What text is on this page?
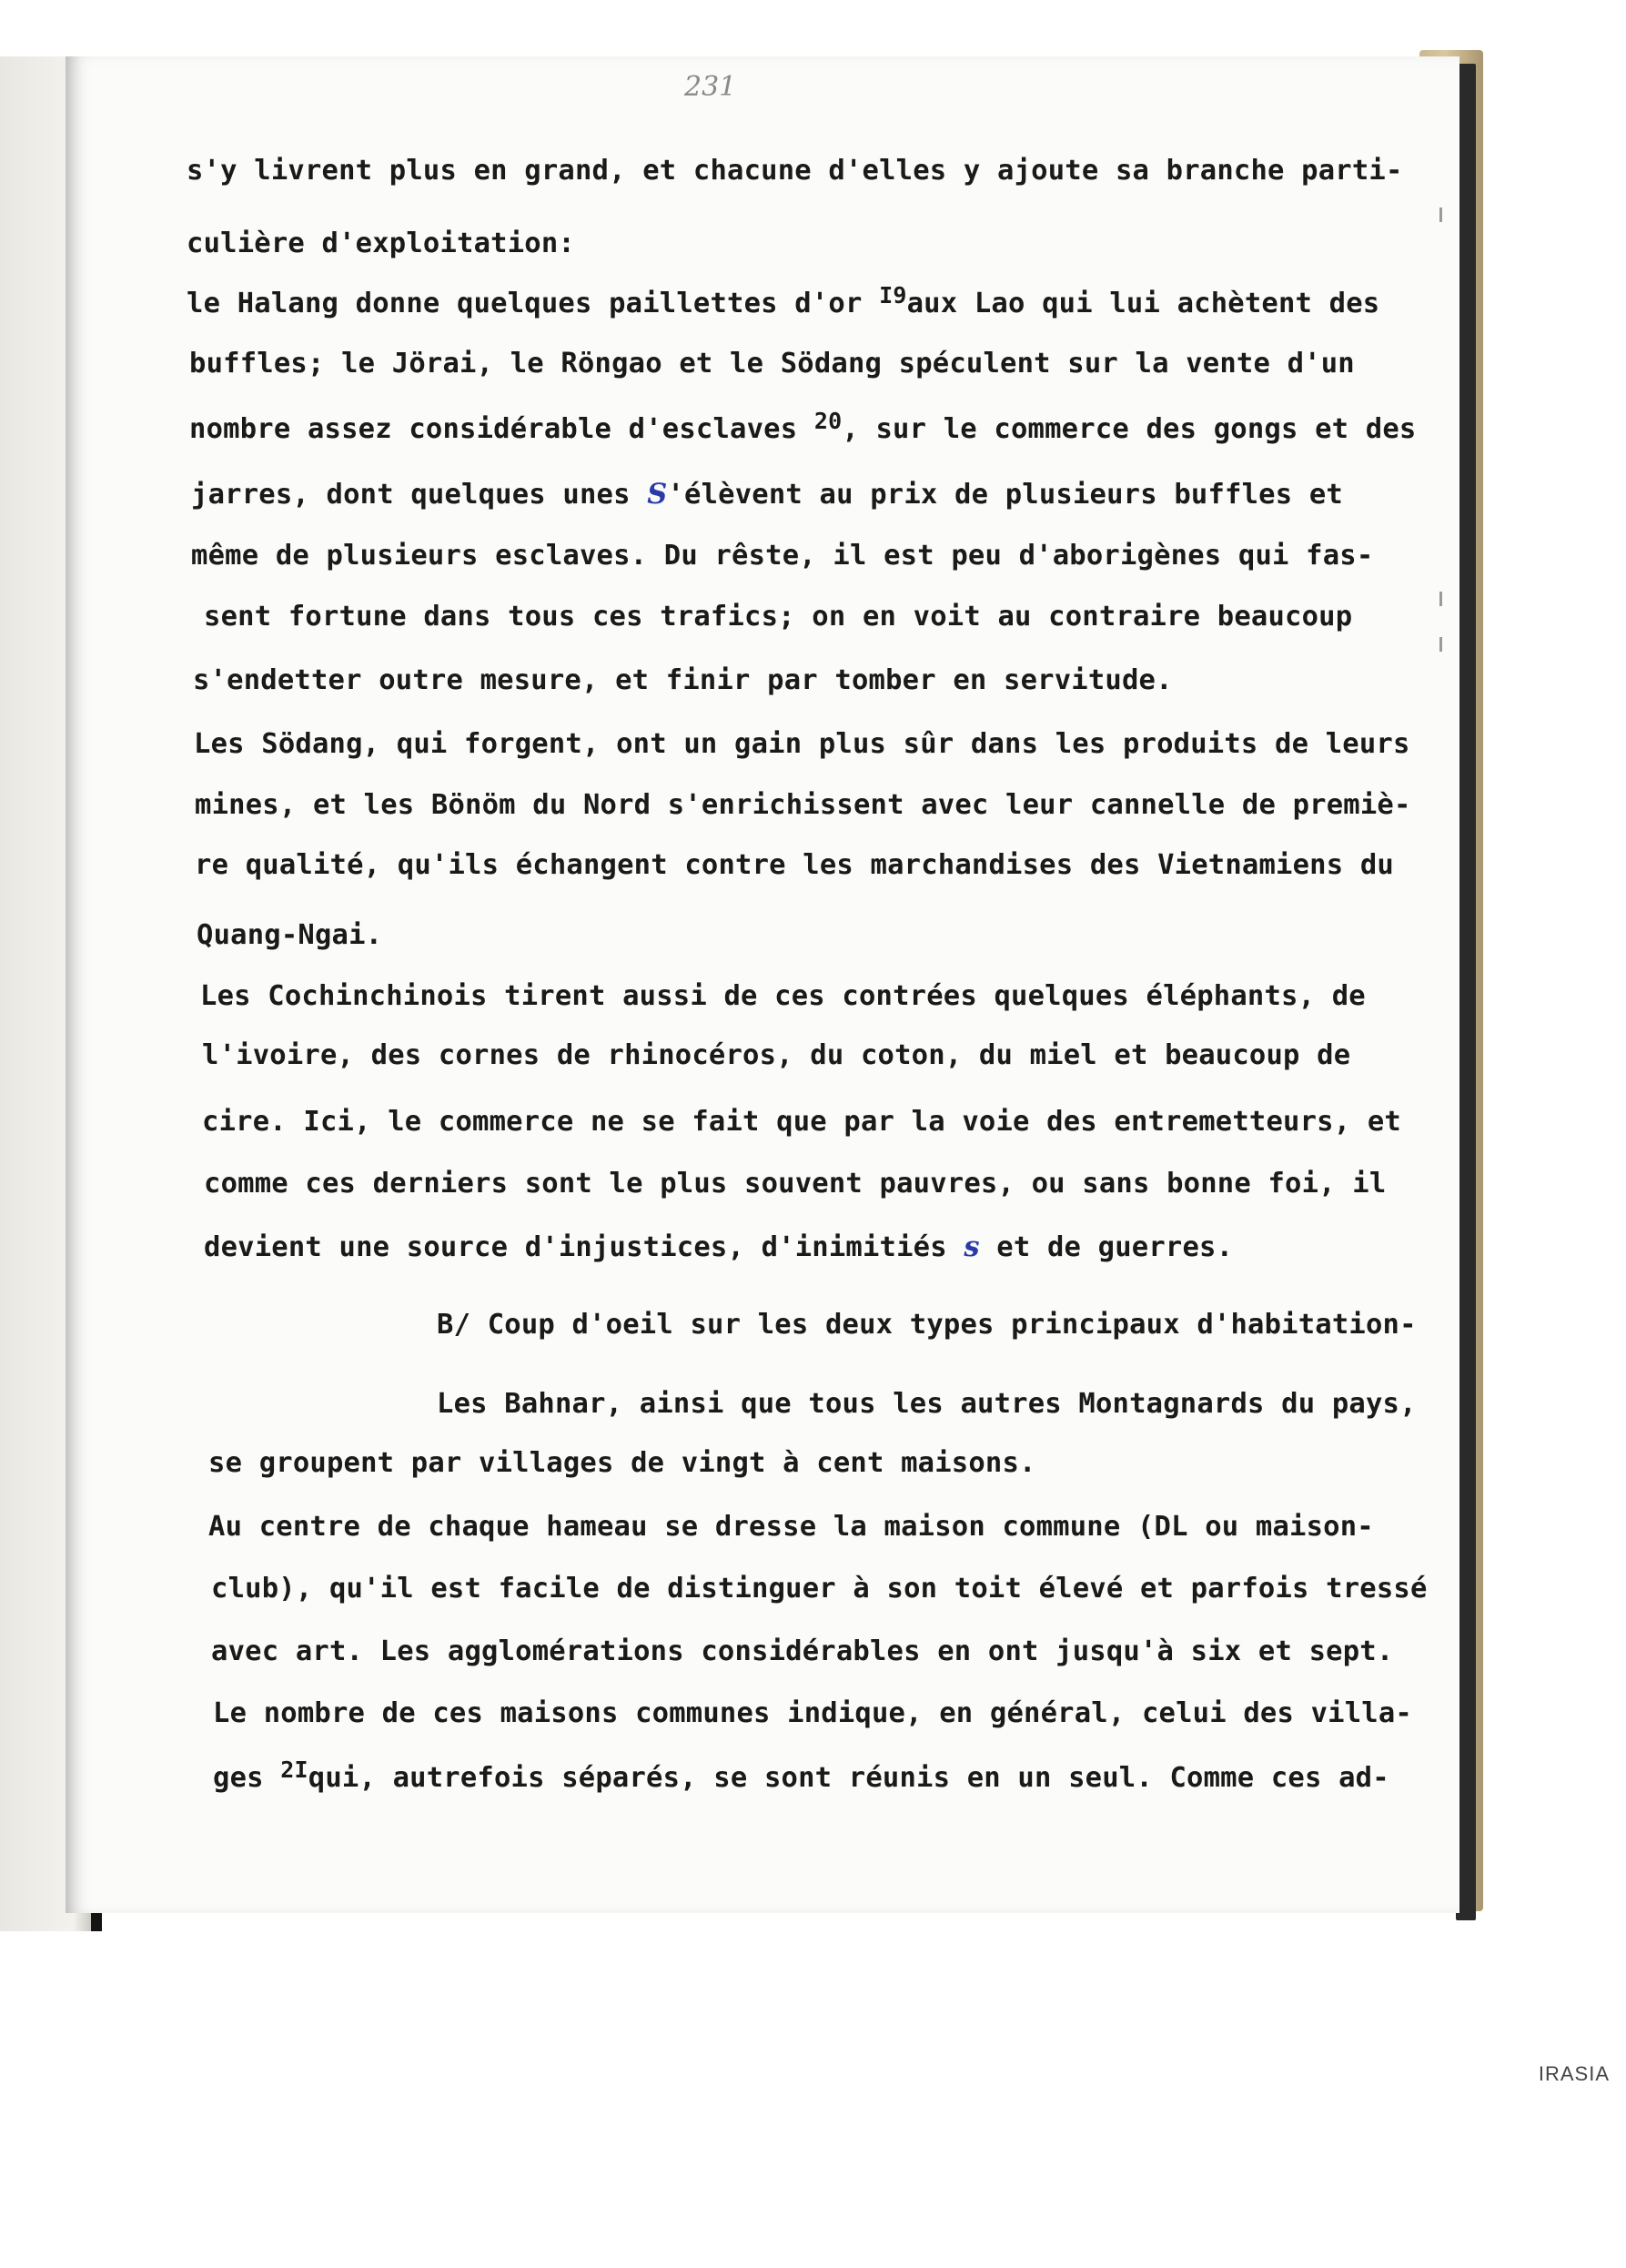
231
s'y livrent plus en grand, et chacune d'elles y ajoute sa branche parti-
culière d'exploitation:
le Halang donne quelques paillettes d'or $^{I9}$aux Lao qui lui achètent des
buffles; le Jörai, le Röngao et le Södang spéculent sur la vente d'un
nombre assez considérable d'esclaves $^{20}$, sur le commerce des gongs et des
jarres, dont quelques unes S'élèvent au prix de plusieurs buffles et
même de plusieurs esclaves. Du rêste, il est peu d'aborigènes qui fas-
sent fortune dans tous ces trafics; on en voit au contraire beaucoup
s'endetter outre mesure, et finir par tomber en servitude.
Les Södang, qui forgent, ont un gain plus sûr dans les produits de leurs
mines, et les Bönöm du Nord s'enrichissent avec leur cannelle de premiè-
re qualité, qu'ils échangent contre les marchandises des Vietnamiens du
Quang-Ngai.
Les Cochinchinois tirent aussi de ces contrées quelques éléphants, de
l'ivoire, des cornes de rhinocéros, du coton, du miel et beaucoup de
cire. Ici, le commerce ne se fait que par la voie des entremetteurs, et
comme ces derniers sont le plus souvent pauvres, ou sans bonne foi, il
devient une source d'injustices, d'inimitiés s et de guerres.
B/ Coup d'oeil sur les deux types principaux d'habitation-
Les Bahnar, ainsi que tous les autres Montagnards du pays,
se groupent par villages de vingt à cent maisons.
Au centre de chaque hameau se dresse la maison commune (DL ou maison-
club), qu'il est facile de distinguer à son toit élevé et parfois tressé
avec art. Les agglomérations considérables en ont jusqu'à six et sept.
Le nombre de ces maisons communes indique, en général, celui des villa-
ges $^{2I}$qui, autrefois séparés, se sont réunis en un seul. Comme ces ad-
IRASIA
